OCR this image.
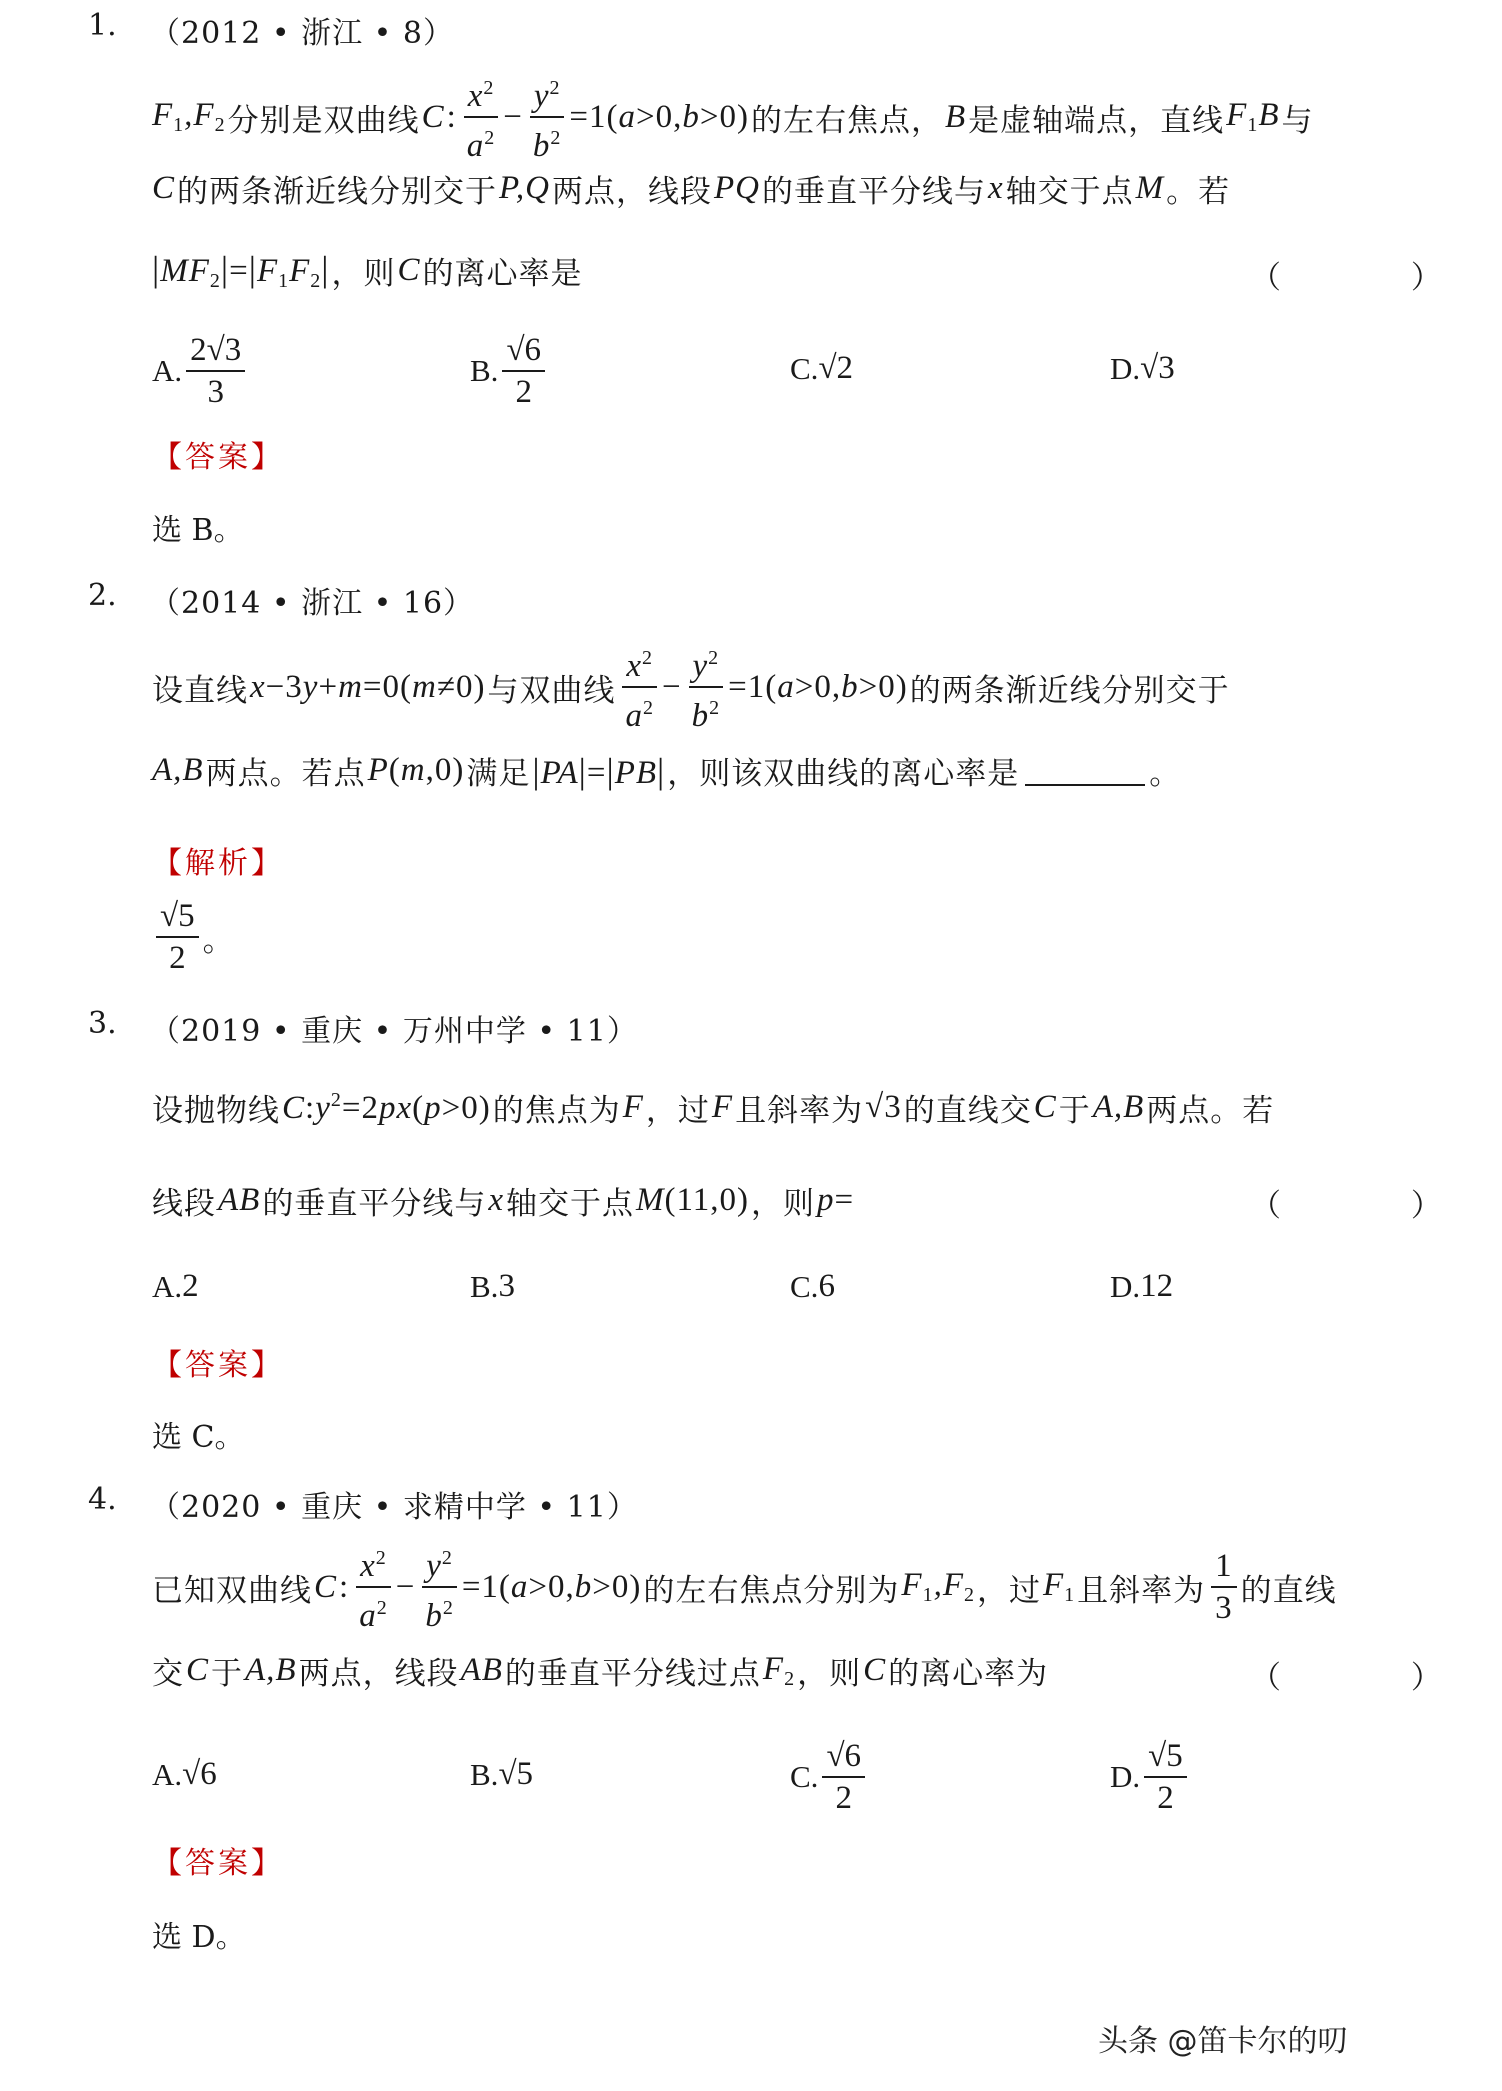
1. （2012 • 浙江 • 8）
$F_1,F_2$ 分别是双曲线 C : $\frac{x^2}{a^2} - \frac{y^2}{b^2} =1(a>0,b>0)$ 的左右焦点， B 是虚轴端点，直线 $F_1B$ 与
C 的两条渐近线分别交于 P,Q 两点，线段 PQ 的垂直平分线与 x 轴交于点 M 。若
$|MF_2|=|F_1F_2|$ ，则 C 的离心率是	（ ）
A. $\frac{2√3}{3}$	B. $\frac{√6}{2}$	C. √2	D. √3
【答案】
选 B。
2. （2014 • 浙江 • 16）
设直线 x−3y+m=0(m≠0) 与双曲线 $\frac{x^2}{a^2} - \frac{y^2}{b^2} =1(a>0,b>0)$ 的两条渐近线分别交于
A,B 两点。若点 P(m,0) 满足 |PA|=|PB| ，则该双曲线的离心率是	。
【解析】
$\frac{√5}{2}$ 。
3. （2019 • 重庆 • 万州中学 • 11）
设抛物线 $C:y^2=2px(p>0)$ 的焦点为 F ，过 F 且斜率为 √3 的直线交 C 于 A,B 两点。若
线段 AB 的垂直平分线与 x 轴交于点 M(11,0) ，则 p=	（ ）
A. 2	B. 3	C. 6	D. 12
【答案】
选 C。
4. （2020 • 重庆 • 求精中学 • 11）
已知双曲线 C : $\frac{x^2}{a^2} - \frac{y^2}{b^2} =1(a>0,b>0)$ 的左右焦点分别为 $F_1,F_2$ ，过 $F_1$ 且斜率为 $\frac{1}{3}$ 的直线
交 C 于 A,B 两点，线段 AB 的垂直平分线过点 $F_2$ ，则 C 的离心率为	（ ）
A. √6	B. √5	C. $\frac{√6}{2}$	D. $\frac{√5}{2}$
【答案】
选 D。
头条 @笛卡尔的叨
